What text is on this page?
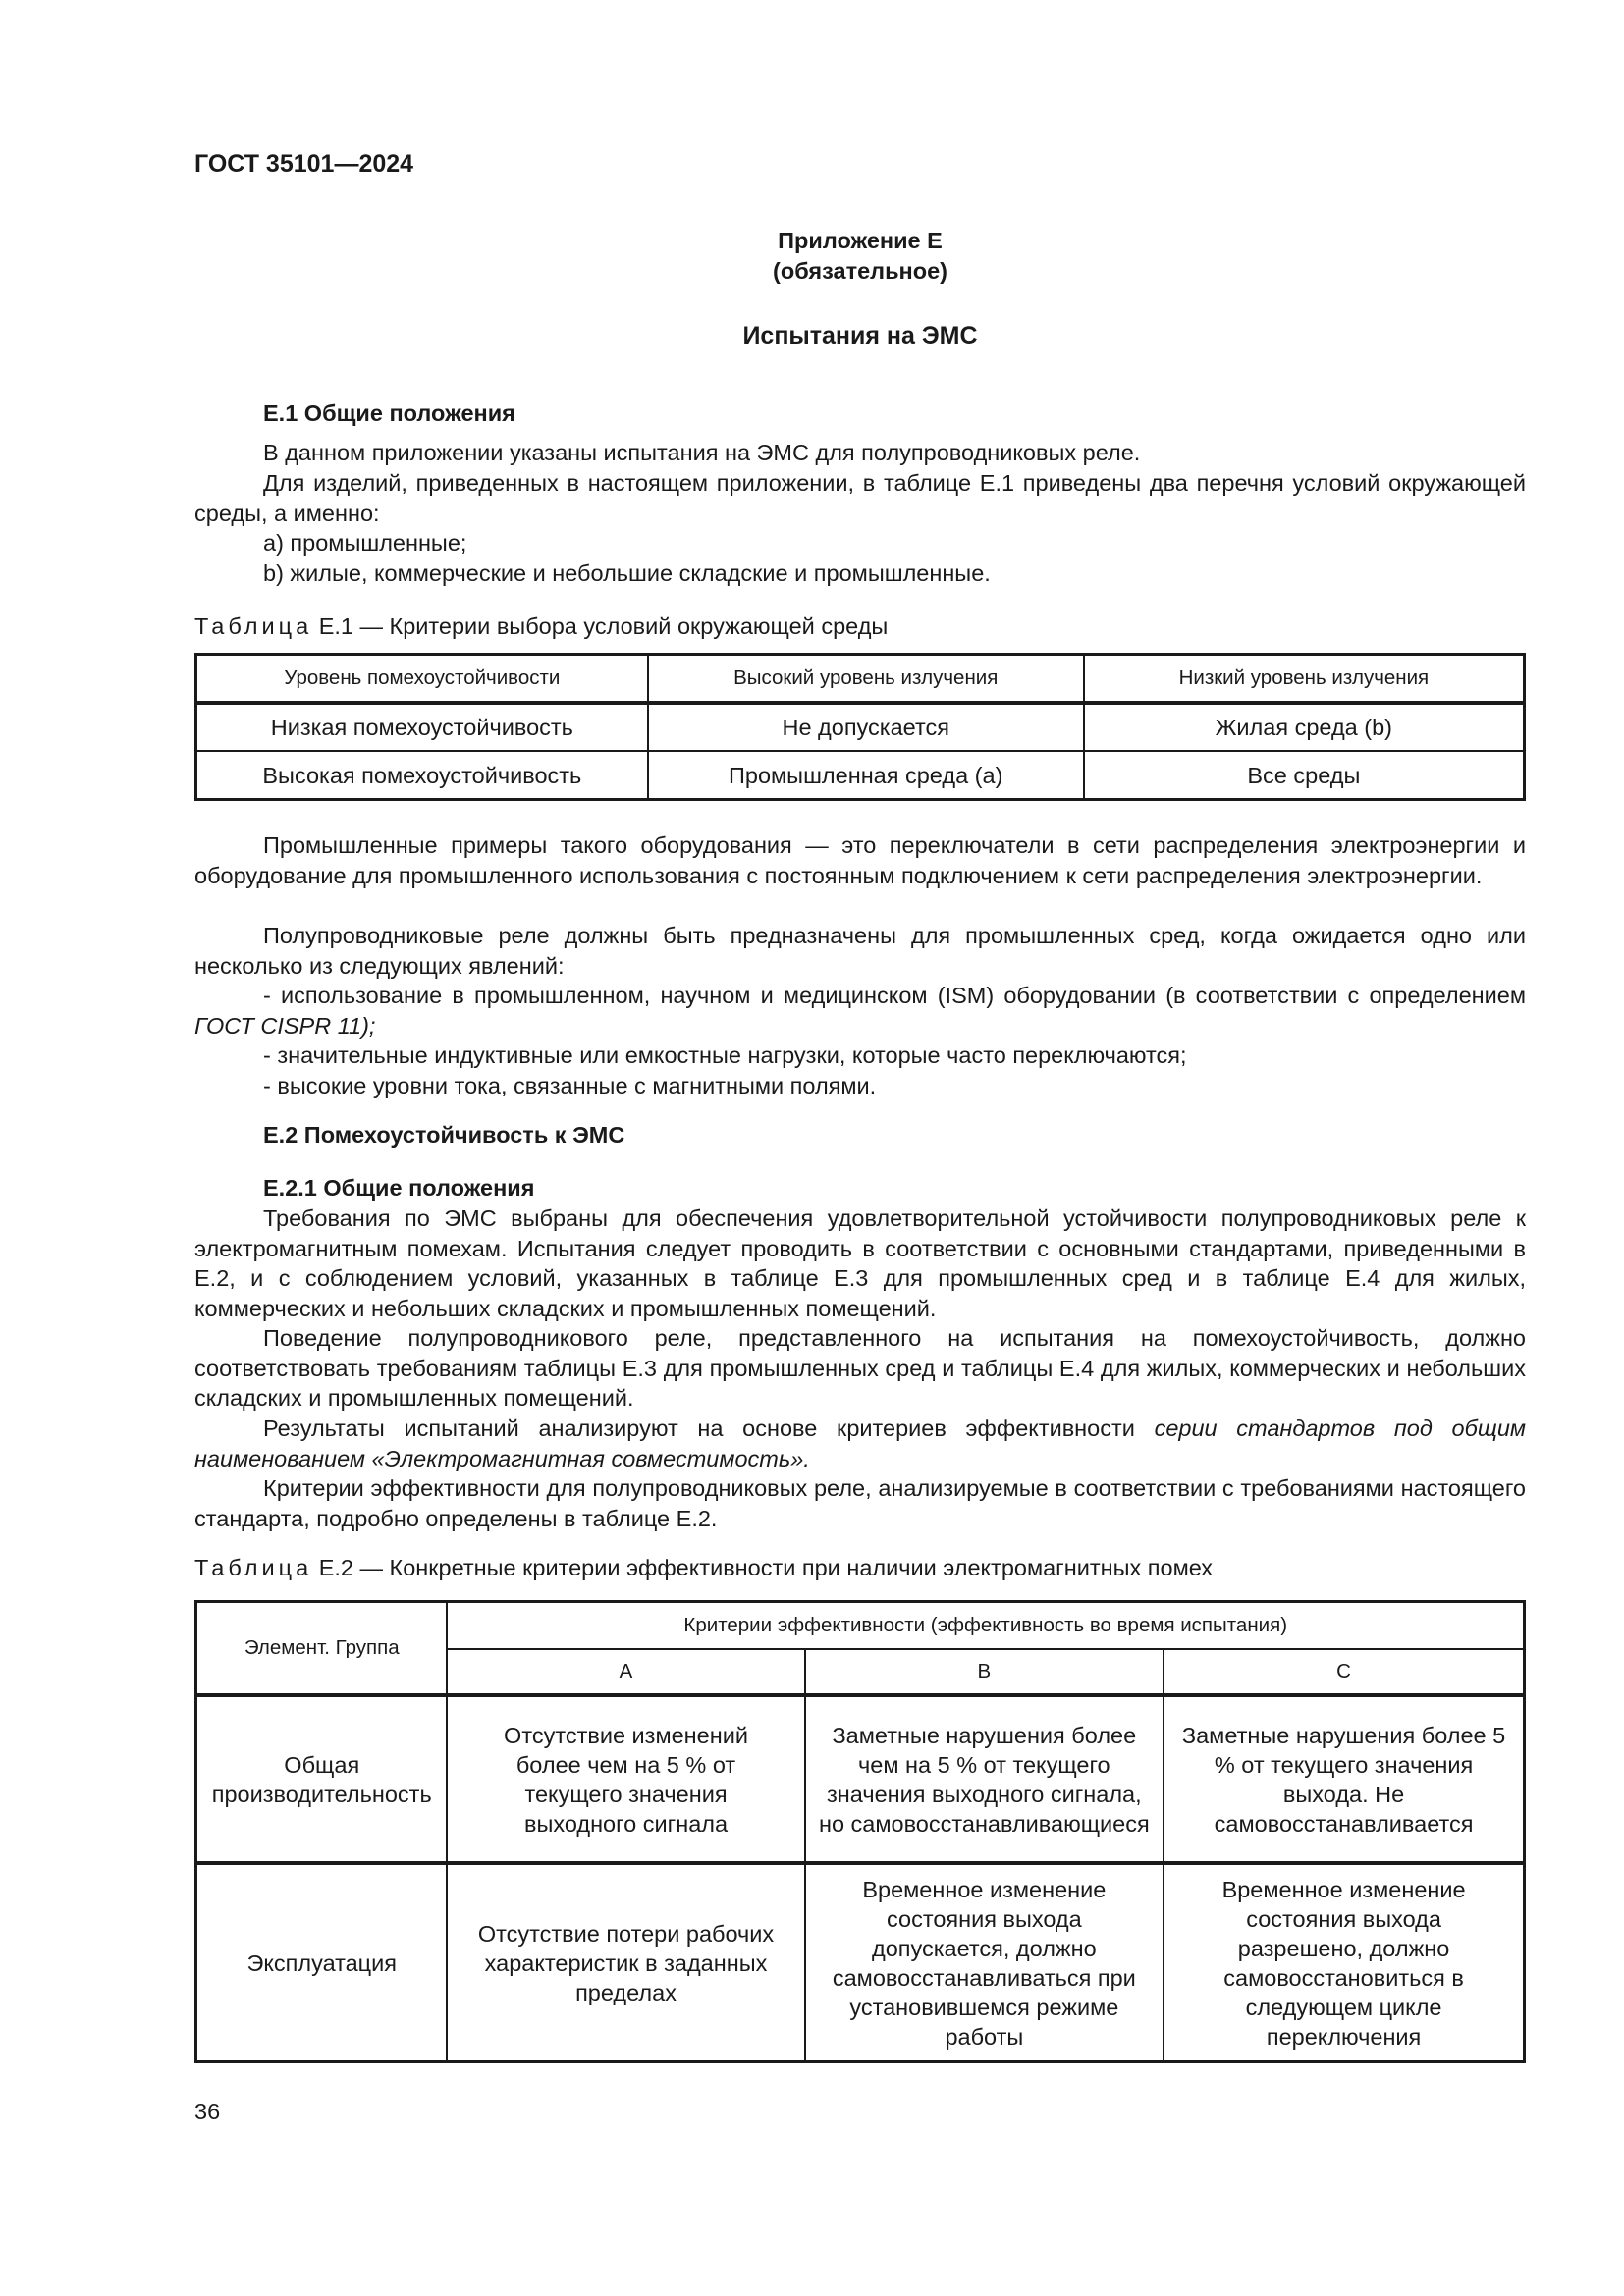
ГОСТ 35101—2024
Приложение Е
(обязательное)
Испытания на ЭМС
Е.1 Общие положения
В данном приложении указаны испытания на ЭМС для полупроводниковых реле.
Для изделий, приведенных в настоящем приложении, в таблице Е.1 приведены два перечня условий окружающей среды, а именно:
а) промышленные;
b) жилые, коммерческие и небольшие складские и промышленные.
Таблица Е.1 — Критерии выбора условий окружающей среды
Уровень помехоустойчивости	Высокий уровень излучения	Низкий уровень излучения
Низкая помехоустойчивость	Не допускается	Жилая среда (b)
Высокая помехоустойчивость	Промышленная среда (а)	Все среды
Промышленные примеры такого оборудования — это переключатели в сети распределения электроэнергии и оборудование для промышленного использования с постоянным подключением к сети распределения электроэнергии.
Полупроводниковые реле должны быть предназначены для промышленных сред, когда ожидается одно или несколько из следующих явлений:
- использование в промышленном, научном и медицинском (ISM) оборудовании (в соответствии с определением ГОСТ CISPR 11);
- значительные индуктивные или емкостные нагрузки, которые часто переключаются;
- высокие уровни тока, связанные с магнитными полями.
Е.2 Помехоустойчивость к ЭМС
Е.2.1 Общие положения
Требования по ЭМС выбраны для обеспечения удовлетворительной устойчивости полупроводниковых реле к электромагнитным помехам. Испытания следует проводить в соответствии с основными стандартами, приведенными в Е.2, и с соблюдением условий, указанных в таблице Е.3 для промышленных сред и в таблице Е.4 для жилых, коммерческих и небольших складских и промышленных помещений.
Поведение полупроводникового реле, представленного на испытания на помехоустойчивость, должно соответствовать требованиям таблицы Е.3 для промышленных сред и таблицы Е.4 для жилых, коммерческих и небольших складских и промышленных помещений.
Результаты испытаний анализируют на основе критериев эффективности серии стандартов под общим наименованием «Электромагнитная совместимость».
Критерии эффективности для полупроводниковых реле, анализируемые в соответствии с требованиями настоящего стандарта, подробно определены в таблице Е.2.
Таблица Е.2 — Конкретные критерии эффективности при наличии электромагнитных помех
Элемент. Группа	Критерии эффективности (эффективность во время испытания)		
	А	В	С
Общая производительность	Отсутствие изменений более чем на 5 % от текущего значения выходного сигнала	Заметные нарушения более чем на 5 % от текущего значения выходного сигнала, но самовосстанавливающиеся	Заметные нарушения более 5 % от текущего значения выхода. Не самовосстанавливается
Эксплуатация	Отсутствие потери рабочих характеристик в заданных пределах	Временное изменение состояния выхода допускается, должно самовосстанавливаться при установившемся режиме работы	Временное изменение состояния выхода разрешено, должно самовосстановиться в следующем цикле переключения
36
